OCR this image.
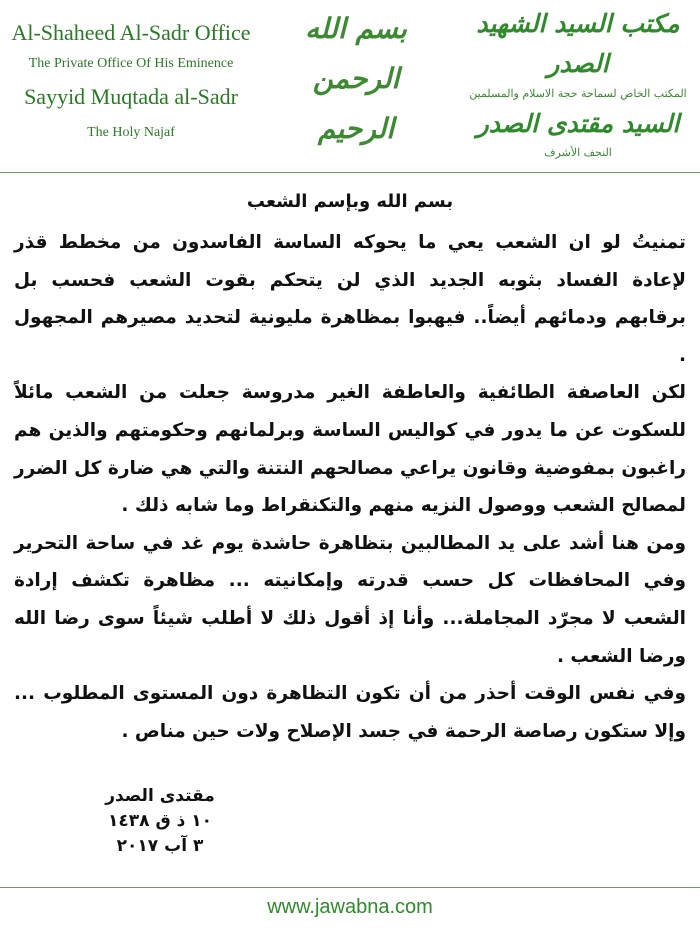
Al-Shaheed Al-Sadr Office
The Private Office Of His Eminence
Sayyid Muqtada al-Sadr
The Holy Najaf
بسم الله الرحمن الرحيم
مكتب السيد الشهيد الصدر
المكتب الخاص لسماحة حجة الاسلام والمسلمين
السيد مقتدى الصدر
النجف الأشرف
بسم الله وبإسم الشعب

تمنيتُ لو ان الشعب يعي ما يحوكه الساسة الفاسدون من مخطط قذر لإعادة الفساد بثوبه الجديد الذي لن يتحكم بقوت الشعب فحسب بل برقابهم ودمائهم أيضاً.. فيهبوا بمظاهرة مليونية لتحديد مصيرهم المجهول .

لكن العاصفة الطائفية والعاطفة الغير مدروسة جعلت من الشعب مائلاً للسكوت عن ما يدور في كواليس الساسة وبرلمانهم وحكومتهم والذين هم راغبون بمفوضية وقانون يراعي مصالحهم النتنة والتي هي ضارة كل الضرر لمصالح الشعب ووصول النزيه منهم والتكنقراط وما شابه ذلك .

ومن هنا أشد على يد المطالبين بتظاهرة حاشدة يوم غد في ساحة التحرير وفي المحافظات كل حسب قدرته وإمكانيته ... مظاهرة تكشف إرادة الشعب لا مجرّد المجاملة... وأنا إذ أقول ذلك لا أطلب شيئاً سوى رضا الله ورضا الشعب .

وفي نفس الوقت أحذر من أن تكون التظاهرة دون المستوى المطلوب ... وإلا ستكون رصاصة الرحمة في جسد الإصلاح ولات حين مناص .

مقتدى الصدر
١٠ ذ ق ١٤٣٨
٣ آب ٢٠١٧
www.jawabna.com
